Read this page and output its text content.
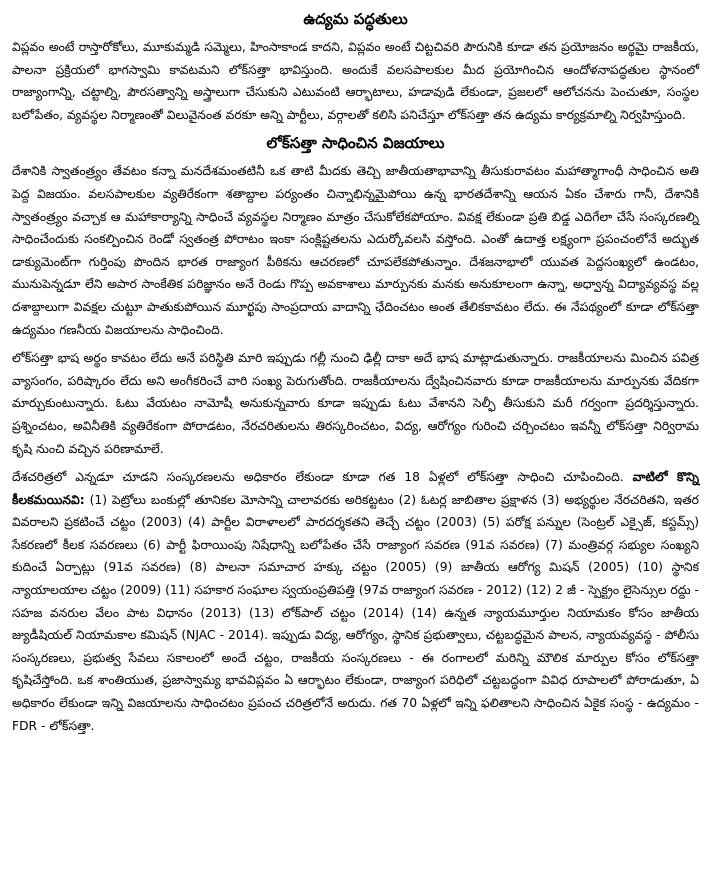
ఉద్యమ పద్ధతులు

విప్లవం అంటే రాస్తారోకోలు, మూకుమ్మడి సమ్మెలు, హింసాకాండ కాదని, విప్లవం అంటే చిట్టచివరి పౌరునికి కూడా తన ప్రయోజనం అర్థమై రాజకీయ, పాలనా ప్రక్రియలో భాగస్వామి కావటమని లోక్‌సత్తా భావిస్తుంది. అందుకే వలసపాలకుల మీద ప్రయోగించిన ఆందోళనాపద్ధతుల స్థానంలో రాజ్యాంగాన్ని, చట్టాల్ని, పౌరసత్వాన్ని అస్త్రాలుగా చేసుకుని ఎటువంటి ఆర్భాటాలు, హడావుడి లేకుండా, ప్రజలలో ఆలోచనను పెంచుతూ, సంస్థల బలోపేతం, వ్యవస్థల నిర్మాణంతో విలువైనంత వరకూ అన్ని పార్టీలు, వర్గాలతో కలిసి పనిచేస్తూ లోక్‌సత్తా తన ఉద్యమ కార్యక్రమాల్ని నిర్వహిస్తుంది.

లోక్‌సత్తా సాధించిన విజయాలు

దేశానికి స్వాతంత్ర్యం తేవటం కన్నా మనదేశమంతటినీ ఒక తాటి మీదకు తెచ్చి జాతీయతాభావాన్ని తీసుకురావటం మహాత్మాగాంధీ సాధించిన అతి పెద్ద విజయం. వలసపాలకుల వ్యతిరేకంగా శతాబ్దాల పర్యంతం చిన్నాభిన్నమైపోయి ఉన్న భారతదేశాన్ని ఆయన ఏకం చేశారు గానీ, దేశానికి స్వాతంత్ర్యం వచ్చాక ఆ మహాకార్యాన్ని సాధించే వ్యవస్థల నిర్మాణం మాత్రం చేసుకోలేకపోయాం. వివక్ష లేకుండా ప్రతి బిడ్డ ఎదిగేలా చేసే సంస్కరణల్ని సాధించేందుకు సంకల్పించిన రెండో స్వతంత్ర పోరాటం ఇంకా సంక్లిష్టతలను ఎదుర్కోవలసి వస్తోంది. ఎంతో ఉదాత్త లక్ష్యంగా ప్రపంచంలోనే అద్భుత డాక్యుమెంట్‌గా గుర్తింపు పొందిన భారత రాజ్యాంగ పీఠికను ఆచరణలో చూపలేకపోతున్నాం. దేశజనాభాలో యువత పెద్దసంఖ్యలో ఉండటం, మునుపెన్నడూ లేని అపార సాంకేతిక పరిజ్ఞానం అనే రెండు గొప్ప అవకాశాలు మార్పునకు మనకు అనుకూలంగా ఉన్నా, అధ్వాన్న విద్యావ్యవస్థ వల్ల దశాబ్దాలుగా వివక్షల చుట్టూ పాతుకుపోయిన మూర్ఖపు సాంప్రదాయ వాదాన్ని ఛేదించటం అంత తేలికకావటం లేదు. ఈ నేపథ్యంలో కూడా లోక్‌సత్తా ఉద్యమం గణనీయ విజయాలను సాధించింది.

లోక్‌సత్తా భాష అర్థం కావటం లేదు అనే పరిస్థితి మారి ఇప్పుడు గల్లీ నుంచి ఢిల్లీ దాకా అదే భాష మాట్లాడుతున్నారు. రాజకీయాలను మించిన పవిత్ర వ్యాసంగం, పరిష్కారం లేదు అని అంగీకరించే వారి సంఖ్య పెరుగుతోంది. రాజకీయాలను ద్వేషించినవారు కూడా రాజకీయాలను మార్పునకు వేదికగా మార్చుకుంటున్నారు. ఓటు వేయటం నామోషీ అనుకున్నవారు కూడా ఇప్పుడు ఓటు వేశానని సెల్ఫీ తీసుకుని మరీ గర్వంగా ప్రదర్శిస్తున్నారు. ప్రశ్నించటం, అవినీతికి వ్యతిరేకంగా పోరాడటం, నేరచరితులను తిరస్కరించటం, విద్య, ఆరోగ్యం గురించి చర్చించటం ఇవన్నీ లోక్‌సత్తా నిర్విరామ కృషి నుంచి వచ్చిన పరిణామాలే.

దేశచరిత్రలో ఎన్నడూ చూడని సంస్కరణలను అధికారం లేకుండా కూడా గత 18 ఏళ్లలో లోక్‌సత్తా సాధించి చూపించింది. వాటిలో కొన్ని కీలకమయినవి: (1) పెట్రోలు బంకుల్లో తూనికల మోసాన్ని చాలావరకు అరికట్టటం (2) ఓటర్ల జాబితాల ప్రక్షాళన (3) అభ్యర్థుల నేరచరితని, ఇతర వివరాలని ప్రకటించే చట్టం (2003) (4) పార్టీల విరాళాలలో పారదర్శకతని తెచ్చే చట్టం (2003) (5) పరోక్ష పన్నుల (సెంట్రల్ ఎక్సైజ్, కస్టమ్స్) సేకరణలో కీలక సవరణలు (6) పార్టీ ఫిరాయింపు నిషేధాన్ని బలోపేతం చేసే రాజ్యాంగ సవరణ (91వ సవరణ) (7) మంత్రివర్గ సభ్యుల సంఖ్యని కుదించే ఏర్పాట్లు (91వ సవరణ) (8) పాలనా సమాచార హక్కు చట్టం (2005) (9) జాతీయ ఆరోగ్య మిషన్ (2005) (10) స్థానిక న్యాయాలయాల చట్టం (2009) (11) సహకార సంఘాల స్వయంప్రతిపత్తి (97వ రాజ్యాంగ సవరణ - 2012) (12) 2 జీ - స్పెక్ట్రం లైసెన్సుల రద్దు - సహజ వనరుల వేలం పాట విధానం (2013) (13) లోక్‌పాల్ చట్టం (2014) (14) ఉన్నత న్యాయమూర్తుల నియామకం కోసం జాతీయ జ్యుడీషియల్ నియామకాల కమిషన్ (NJAC - 2014). ఇప్పుడు విద్య, ఆరోగ్యం, స్థానిక ప్రభుత్వాలు, చట్టబద్ధమైన పాలన, న్యాయవ్యవస్థ - పోలీసు సంస్కరణలు, ప్రభుత్వ సేవలు సకాలంలో అందే చట్టం, రాజకీయ సంస్కరణలు - ఈ రంగాలలో మరిన్ని మౌలిక మార్పుల కోసం లోక్‌సత్తా కృషిచేస్తోంది. ఒక శాంతియుత, ప్రజాస్వామ్య భావవిప్లవం ఏ ఆర్భాటం లేకుండా, రాజ్యాంగ పరిధిలో చట్టబద్ధంగా వివిధ రూపాలలో పోరాడుతూ, ఏ అధికారం లేకుండా ఇన్ని విజయాలను సాధించటం ప్రపంచ చరిత్రలోనే అరుదు. గత 70 ఏళ్లలో ఇన్ని ఫలితాలని సాధించిన ఏకైక సంస్థ - ఉద్యమం - FDR - లోక్‌సత్తా.
